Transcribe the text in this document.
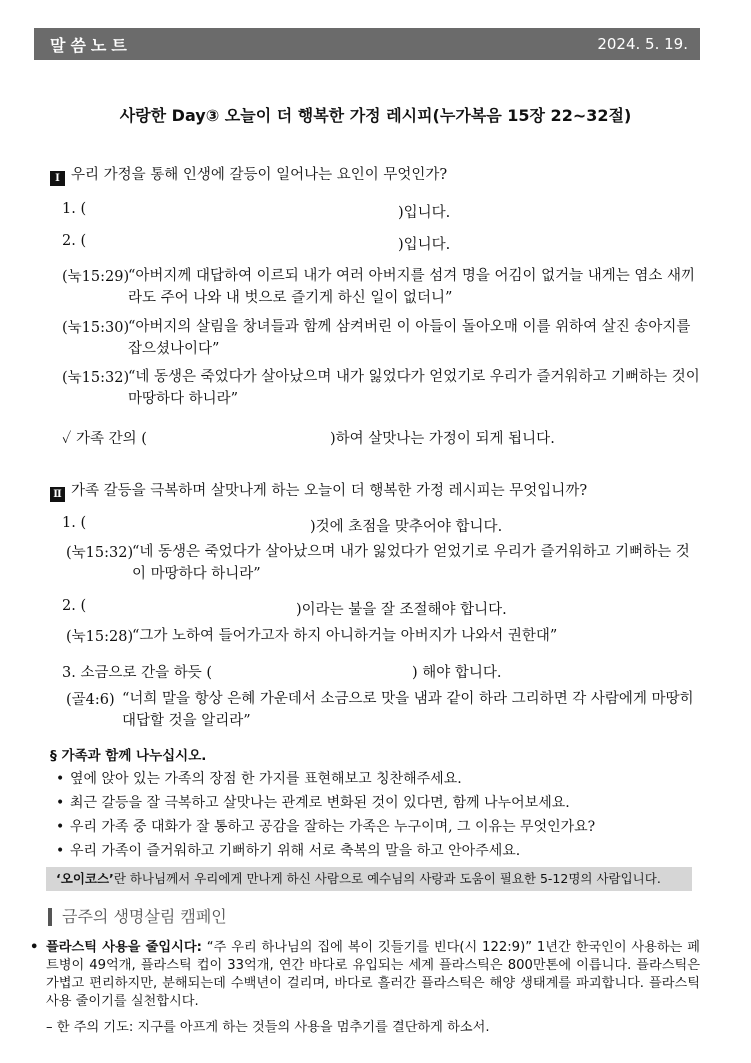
말씀노트	2024. 5. 19.
사랑한 Day③ 오늘이 더 행복한 가정 레시피(누가복음 15장 22~32절)
Ⅰ 우리 가정을 통해 인생에 갈등이 일어나는 요인이 무엇인가?
1. (	)입니다.
2. (	)입니다.
(눅15:29)
“아버지께 대답하여 이르되 내가 여러 아버지를 섬겨 명을 어김이 없거늘 내게는 염소 새끼
라도 주어 나와 내 벗으로 즐기게 하신 일이 없더니”
(눅15:30)
“아버지의 살림을 창녀들과 함께 삼켜버린 이 아들이 돌아오매 이를 위하여 살진 송아지를
잡으셨나이다”
(눅15:32)
“네 동생은 죽었다가 살아났으며 내가 잃었다가 얻었기로 우리가 즐거워하고 기뻐하는 것이
마땅하다 하니라”
✓ 가족 간의 (	)하여 살맛나는 가정이 되게 됩니다.
Ⅱ 가족 갈등을 극복하며 살맛나게 하는 오늘이 더 행복한 가정 레시피는 무엇입니까?
1. (	)것에 초점을 맞추어야 합니다.
(눅15:32)
“네 동생은 죽었다가 살아났으며 내가 잃었다가 얻었기로 우리가 즐거워하고 기뻐하는 것
이 마땅하다 하니라”
2. (	)이라는 불을 잘 조절해야 합니다.
(눅15:28)
“그가 노하여 들어가고자 하지 아니하거늘 아버지가 나와서 권한대”
3. 소금으로 간을 하듯 (	) 해야 합니다.
(골4:6) “너희 말을 항상 은혜 가운데서 소금으로 맛을 냄과 같이 하라 그리하면 각 사람에게 마땅히
대답할 것을 알리라”
§ 가족과 함께 나누십시오.
• 옆에 앉아 있는 가족의 장점 한 가지를 표현해보고 칭찬해주세요.
• 최근 갈등을 잘 극복하고 살맛나는 관계로 변화된 것이 있다면, 함께 나누어보세요.
• 우리 가족 중 대화가 잘 통하고 공감을 잘하는 가족은 누구이며, 그 이유는 무엇인가요?
• 우리 가족이 즐거워하고 기뻐하기 위해 서로 축복의 말을 하고 안아주세요.
‘오이코스’란 하나님께서 우리에게 만나게 하신 사람으로 예수님의 사랑과 도움이 필요한 5-12명의 사람입니다.
금주의 생명살림 캠페인
• 플라스틱 사용을 줄입시다: “주 우리 하나님의 집에 복이 깃들기를 빈다(시 122:9)” 1년간 한국인이 사용하는 페트병이 49억개, 플라스틱 컵이 33억개, 연간 바다로 유입되는 세계 플라스틱은 800만톤에 이릅니다. 플라스틱은 가볍고 편리하지만, 분해되는데 수백년이 걸리며, 바다로 흘러간 플라스틱은 해양 생태계를 파괴합니다. 플라스틱 사용 줄이기를 실천합시다.
– 한 주의 기도: 지구를 아프게 하는 것들의 사용을 멈추기를 결단하게 하소서.
